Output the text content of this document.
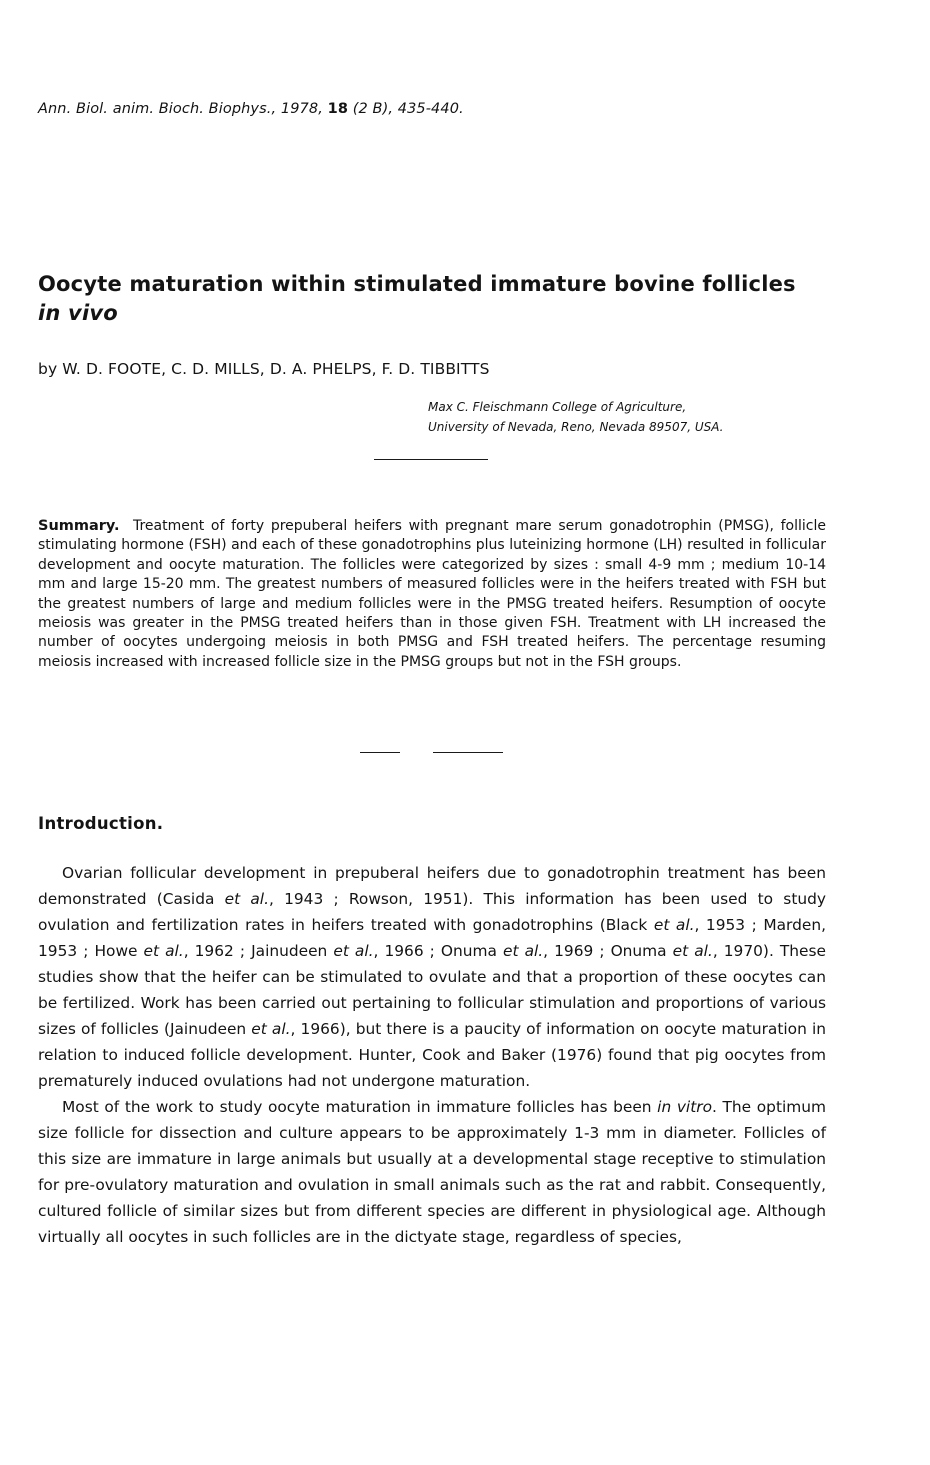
Ann. Biol. anim. Bioch. Biophys., 1978, 18 (2 B), 435-440.
Oocyte maturation within stimulated immature bovine follicles in vivo
by W. D. FOOTE, C. D. MILLS, D. A. PHELPS, F. D. TIBBITTS
Max C. Fleischmann College of Agriculture,
University of Nevada, Reno, Nevada 89507, USA.
Summary. Treatment of forty prepuberal heifers with pregnant mare serum gonadotrophin (PMSG), follicle stimulating hormone (FSH) and each of these gonadotrophins plus luteinizing hormone (LH) resulted in follicular development and oocyte maturation. The follicles were categorized by sizes : small 4-9 mm ; medium 10-14 mm and large 15-20 mm. The greatest numbers of measured follicles were in the heifers treated with FSH but the greatest numbers of large and medium follicles were in the PMSG treated heifers. Resumption of oocyte meiosis was greater in the PMSG treated heifers than in those given FSH. Treatment with LH increased the number of oocytes undergoing meiosis in both PMSG and FSH treated heifers. The percentage resuming meiosis increased with increased follicle size in the PMSG groups but not in the FSH groups.
Introduction.

Ovarian follicular development in prepuberal heifers due to gonadotrophin treatment has been demonstrated (Casida et al., 1943 ; Rowson, 1951). This information has been used to study ovulation and fertilization rates in heifers treated with gonadotrophins (Black et al., 1953 ; Marden, 1953 ; Howe et al., 1962 ; Jainudeen et al., 1966 ; Onuma et al., 1969 ; Onuma et al., 1970). These studies show that the heifer can be stimulated to ovulate and that a proportion of these oocytes can be fertilized. Work has been carried out pertaining to follicular stimulation and proportions of various sizes of follicles (Jainudeen et al., 1966), but there is a paucity of information on oocyte maturation in relation to induced follicle development. Hunter, Cook and Baker (1976) found that pig oocytes from prematurely induced ovulations had not undergone maturation.

Most of the work to study oocyte maturation in immature follicles has been in vitro. The optimum size follicle for dissection and culture appears to be approximately 1-3 mm in diameter. Follicles of this size are immature in large animals but usually at a developmental stage receptive to stimulation for pre-ovulatory maturation and ovulation in small animals such as the rat and rabbit. Consequently, cultured follicle of similar sizes but from different species are different in physiological age. Although virtually all oocytes in such follicles are in the dictyate stage, regardless of species,
